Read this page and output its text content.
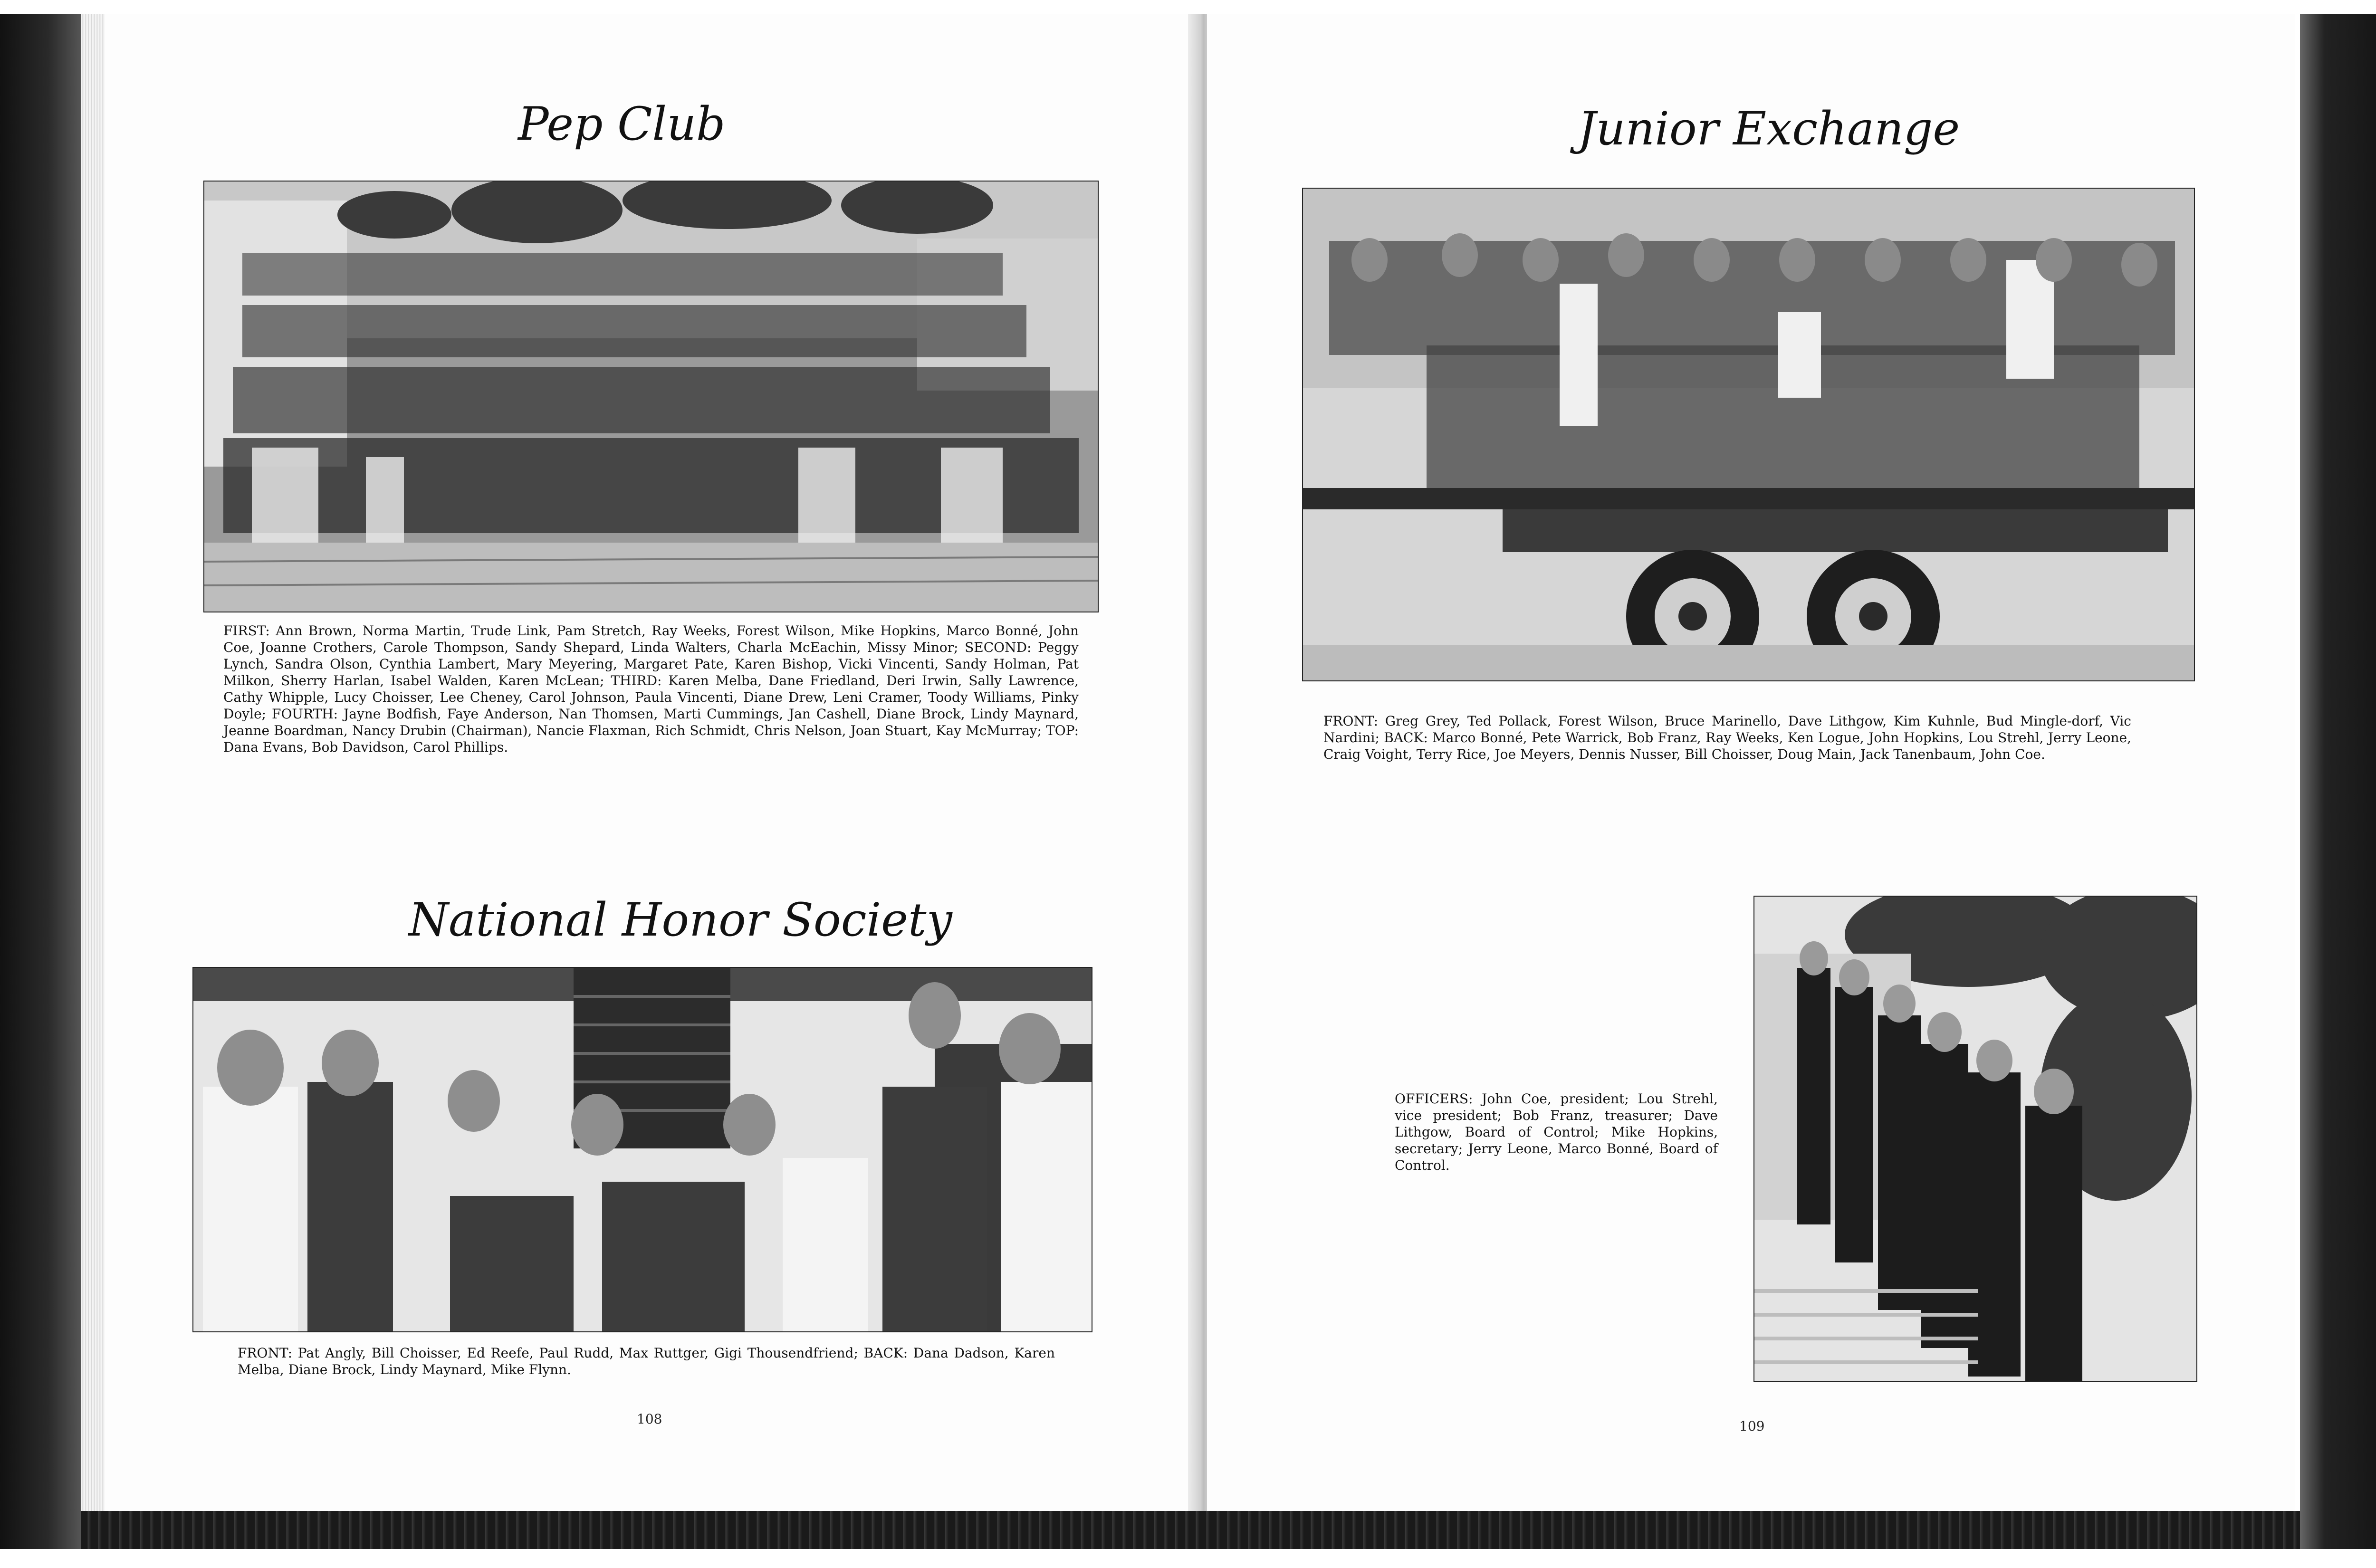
Pep Club

FIRST: Ann Brown, Norma Martin, Trude Link, Pam Stretch, Ray Weeks, Forest Wilson, Mike Hopkins, Marco Bonné, John Coe, Joanne Crothers, Carole Thompson, Sandy Shepard, Linda Walters, Charla McEachin, Missy Minor; SECOND: Peggy Lynch, Sandra Olson, Cynthia Lambert, Mary Meyering, Margaret Pate, Karen Bishop, Vicki Vincenti, Sandy Holman, Pat Milkon, Sherry Harlan, Isabel Walden, Karen McLean; THIRD: Karen Melba, Dane Friedland, Deri Irwin, Sally Lawrence, Cathy Whipple, Lucy Choisser, Lee Cheney, Carol Johnson, Paula Vincenti, Diane Drew, Leni Cramer, Toody Williams, Pinky Doyle; FOURTH: Jayne Bodfish, Faye Anderson, Nan Thomsen, Marti Cummings, Jan Cashell, Diane Brock, Lindy Maynard, Jeanne Boardman, Nancy Drubin (Chairman), Nancie Flaxman, Rich Schmidt, Chris Nelson, Joan Stuart, Kay McMurray; TOP: Dana Evans, Bob Davidson, Carol Phillips.

National Honor Society

FRONT: Pat Angly, Bill Choisser, Ed Reefe, Paul Rudd, Max Ruttger, Gigi Thousendfriend; BACK: Dana Dadson, Karen Melba, Diane Brock, Lindy Maynard, Mike Flynn.

108
Junior Exchange

FRONT: Greg Grey, Ted Pollack, Forest Wilson, Bruce Marinello, Dave Lithgow, Kim Kuhnle, Bud Mingle-dorf, Vic Nardini; BACK: Marco Bonné, Pete Warrick, Bob Franz, Ray Weeks, Ken Logue, John Hopkins, Lou Strehl, Jerry Leone, Craig Voight, Terry Rice, Joe Meyers, Dennis Nusser, Bill Choisser, Doug Main, Jack Tanenbaum, John Coe.

OFFICERS: John Coe, president; Lou Strehl, vice president; Bob Franz, treasurer; Dave Lithgow, Board of Control; Mike Hopkins, secretary; Jerry Leone, Marco Bonné, Board of Control.

109
